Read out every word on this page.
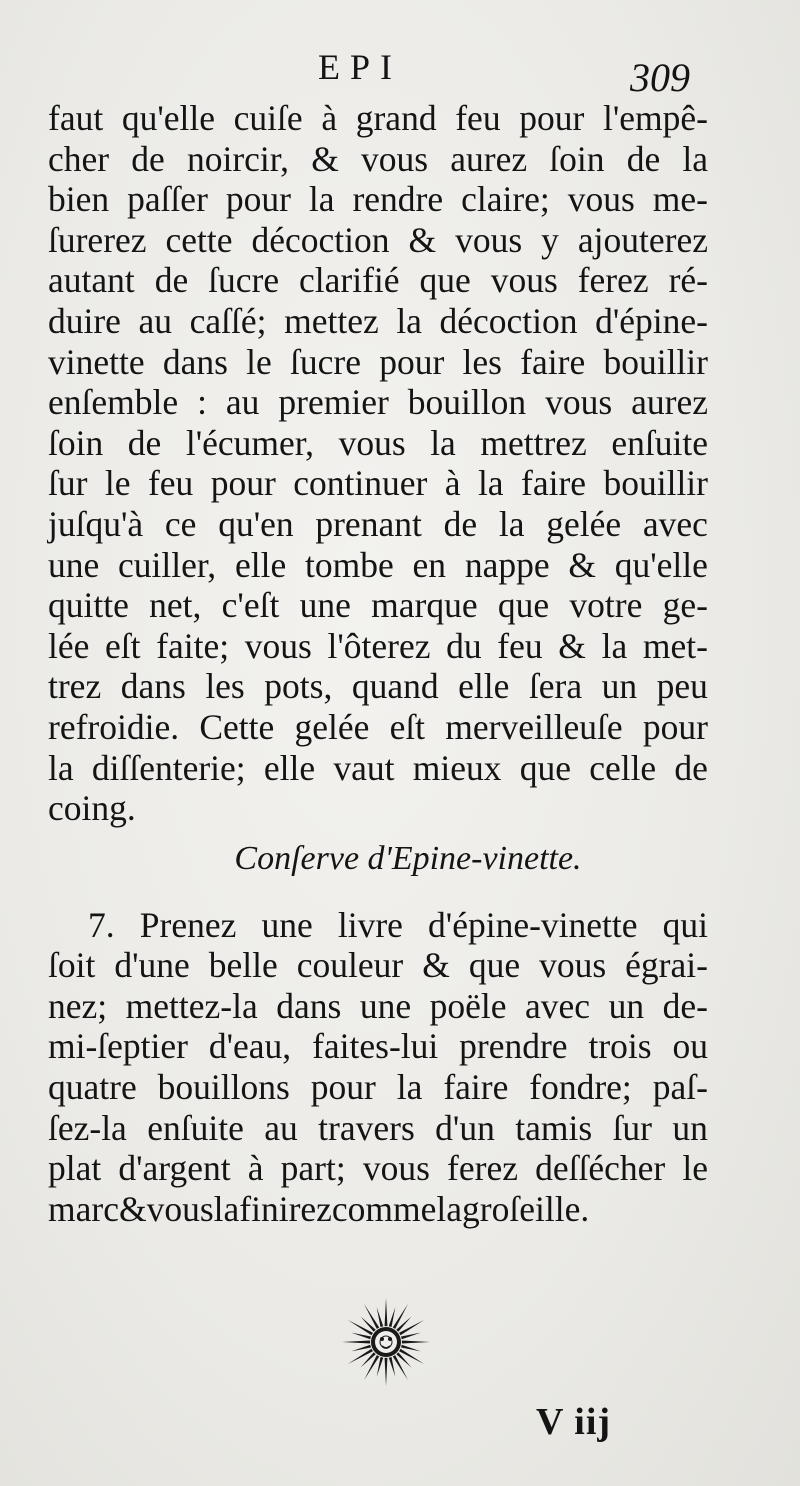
EPI	309
faut qu'elle cuiſe à grand feu pour l'empê-
cher de noircir, & vous aurez ſoin de la
bien paſſer pour la rendre claire; vous me-
ſurerez cette décoction & vous y ajouterez
autant de ſucre clarifié que vous ferez ré-
duire au caſſé; mettez la décoction d'épine-
vinette dans le ſucre pour les faire bouillir
enſemble : au premier bouillon vous aurez
ſoin de l'écumer, vous la mettrez enſuite
ſur le feu pour continuer à la faire bouillir
juſqu'à ce qu'en prenant de la gelée avec
une cuiller, elle tombe en nappe & qu'elle
quitte net, c'eſt une marque que votre ge-
lée eſt faite; vous l'ôterez du feu & la met-
trez dans les pots, quand elle ſera un peu
refroidie. Cette gelée eſt merveilleuſe pour
la diſſenterie; elle vaut mieux que celle de
coing.
Conſerve d'Epine-vinette.
7. Prenez une livre d'épine-vinette qui
ſoit d'une belle couleur & que vous égrai-
nez; mettez-la dans une poële avec un de-
mi-ſeptier d'eau, faites-lui prendre trois ou
quatre bouillons pour la faire fondre; paſ-
ſez-la enſuite au travers d'un tamis ſur un
plat d'argent à part; vous ferez deſſécher le
marc & vous la finirez comme la groſeille.
V iij
